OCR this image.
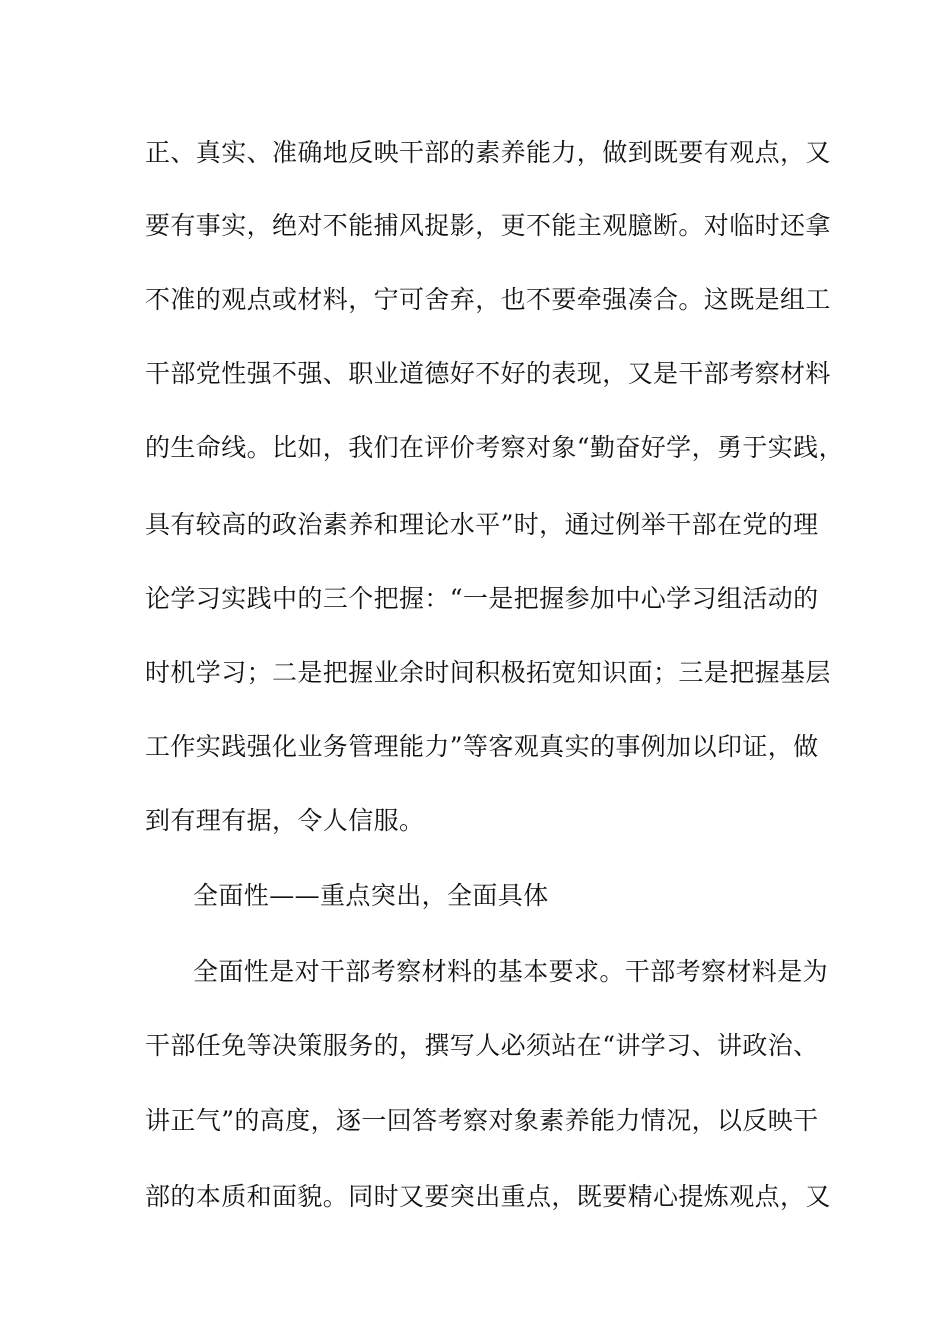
正、真实、准确地反映干部的素养能力，做到既要有观点，又
要有事实，绝对不能捕风捉影，更不能主观臆断。对临时还拿
不准的观点或材料，宁可舍弃，也不要牵强凑合。这既是组工
干部党性强不强、职业道德好不好的表现，又是干部考察材料
的生命线。比如，我们在评价考察对象“勤奋好学，勇于实践，
具有较高的政治素养和理论水平”时，通过例举干部在党的理
论学习实践中的三个把握：“一是把握参加中心学习组活动的
时机学习；二是把握业余时间积极拓宽知识面；三是把握基层
工作实践强化业务管理能力”等客观真实的事例加以印证，做
到有理有据，令人信服。
全面性——重点突出，全面具体
全面性是对干部考察材料的基本要求。干部考察材料是为
干部任免等决策服务的，撰写人必须站在“讲学习、讲政治、
讲正气”的高度，逐一回答考察对象素养能力情况，以反映干
部的本质和面貌。同时又要突出重点，既要精心提炼观点，又
